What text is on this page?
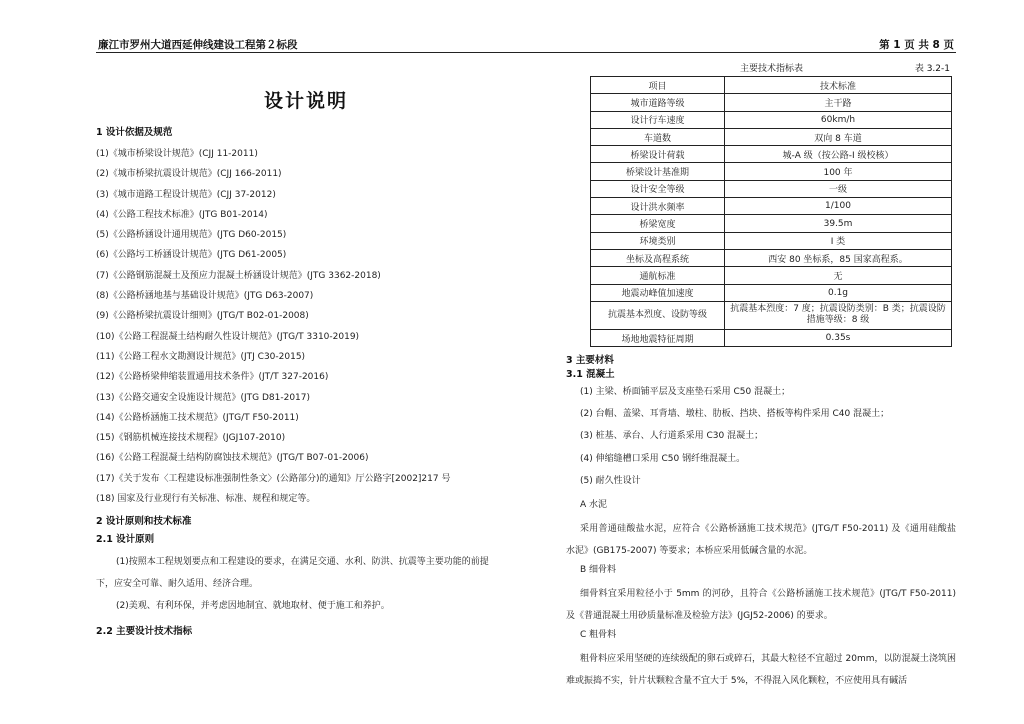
廉江市罗州大道西延伸线建设工程第２标段	第 1 页 共 8 页
设计说明
1 设计依据及规范
(1)《城市桥梁设计规范》(CJJ 11-2011)
(2)《城市桥梁抗震设计规范》(CJJ 166-2011)
(3)《城市道路工程设计规范》(CJJ 37-2012)
(4)《公路工程技术标准》(JTG B01-2014)
(5)《公路桥涵设计通用规范》(JTG D60-2015)
(6)《公路圬工桥涵设计规范》(JTG D61-2005)
(7)《公路钢筋混凝土及预应力混凝土桥涵设计规范》(JTG 3362-2018)
(8)《公路桥涵地基与基础设计规范》(JTG D63-2007)
(9)《公路桥梁抗震设计细则》(JTG/T B02-01-2008)
(10)《公路工程混凝土结构耐久性设计规范》(JTG/T 3310-2019)
(11)《公路工程水文勘测设计规范》(JTJ C30-2015)
(12)《公路桥梁伸缩装置通用技术条件》(JT/T 327-2016)
(13)《公路交通安全设施设计规范》(JTG D81-2017)
(14)《公路桥涵施工技术规范》(JTG/T F50-2011)
(15)《钢筋机械连接技术规程》(JGJ107-2010)
(16)《公路工程混凝土结构防腐蚀技术规范》(JTG/T B07-01-2006)
(17)《关于发布〈工程建设标准强制性条文〉(公路部分)的通知》厅公路字[2002]217 号
(18) 国家及行业现行有关标准、标准、规程和规定等。
2 设计原则和技术标准
2.1 设计原则
(1)按照本工程规划要点和工程建设的要求，在满足交通、水利、防洪、抗震等主要功能的前提下，应安全可靠、耐久适用、经济合理。
(2)美观、有利环保，并考虑因地制宜、就地取材、便于施工和养护。
2.2 主要设计技术指标
主要技术指标表	表 3.2-1
项目	技术标准
城市道路等级	主干路
设计行车速度	60km/h
车道数	双向 8 车道
桥梁设计荷载	城-A 级（按公路-I 级校核）
桥梁设计基准期	100 年
设计安全等级	一级
设计洪水频率	1/100
桥梁宽度	39.5m
环境类别	I 类
坐标及高程系统	西安 80 坐标系，85 国家高程系。
通航标准	无
地震动峰值加速度	0.1g
抗震基本烈度、设防等级	抗震基本烈度：7 度；抗震设防类别：B 类；抗震设防措施等级：8 级
场地地震特征周期	0.35s
3 主要材料
3.1 混凝土
(1) 主梁、桥面铺平层及支座垫石采用 C50 混凝土；
(2) 台帽、盖梁、耳背墙、墩柱、肋板、挡块、搭板等构件采用 C40 混凝土；
(3) 桩基、承台、人行道系采用 C30 混凝土；
(4) 伸缩缝槽口采用 C50 钢纤维混凝土。
(5) 耐久性设计
A 水泥
采用普通硅酸盐水泥，应符合《公路桥涵施工技术规范》(JTG/T F50-2011) 及《通用硅酸盐水泥》(GB175-2007) 等要求；本桥应采用低碱含量的水泥。
B 细骨料
细骨料宜采用粒径小于 5mm 的河砂，且符合《公路桥涵施工技术规范》(JTG/T F50-2011) 及《普通混凝土用砂质量标准及检验方法》(JGJ52-2006) 的要求。
C 粗骨料
粗骨料应采用坚硬的连续级配的卵石或碎石，其最大粒径不宜超过 20mm，以防混凝土浇筑困难或振捣不实，针片状颗粒含量不宜大于 5%，不得混入风化颗粒，不应使用具有碱活
